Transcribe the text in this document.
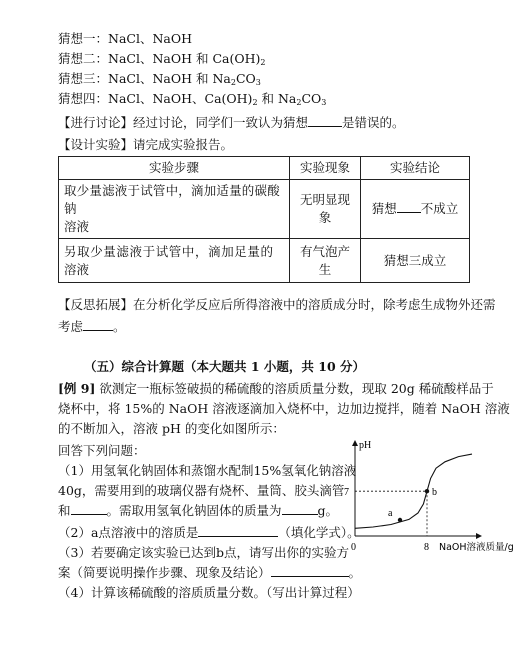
猜想一：NaCl、NaOH
猜想二：NaCl、NaOH 和 $Ca(OH)_2$
猜想三：NaCl、NaOH 和 $Na_2CO_3$
猜想四：NaCl、NaOH、$Ca(OH)_2$ 和 $Na_2CO_3$
【进行讨论】经过讨论，同学们一致认为猜想	是错误的。
【设计实验】请完成实验报告。
实验步骤	实验现象	实验结论

取少量滤液于试管中，滴加适量的碳酸钠
溶液	无明显现象	猜想 不成立

另取少量滤液于试管中，滴加足量的
溶液	有气泡产生	猜想三成立
【反思拓展】在分析化学反应后所得溶液中的溶质成分时，除考虑生成物外还需
考虑 。
（五）综合计算题（本大题共 1 小题，共 10 分）
[例 9] 欲测定一瓶标签破损的稀硫酸的溶质质量分数，现取 20g 稀硫酸样品于
烧杯中，将 15%的 NaOH 溶液逐滴加入烧杯中，边加边搅拌，随着 NaOH 溶液
的不断加入，溶液 pH 的变化如图所示：
回答下列问题：
（1）用氢氧化钠固体和蒸馏水配制15%氢氧化钠溶液
40g，需要用到的玻璃仪器有烧杯、量筒、胶头滴管
和	。需取用氢氧化钠固体的质量为	g。
（2）a点溶液中的溶质是	（填化学式）。
（3）若要确定该实验已达到b点，请写出你的实验方
案（简要说明操作步骤、现象及结论）	。
（4）计算该稀硫酸的溶质质量分数。（写出计算过程）
pH
NaOH溶液质量/g
0	8
7
a
b
